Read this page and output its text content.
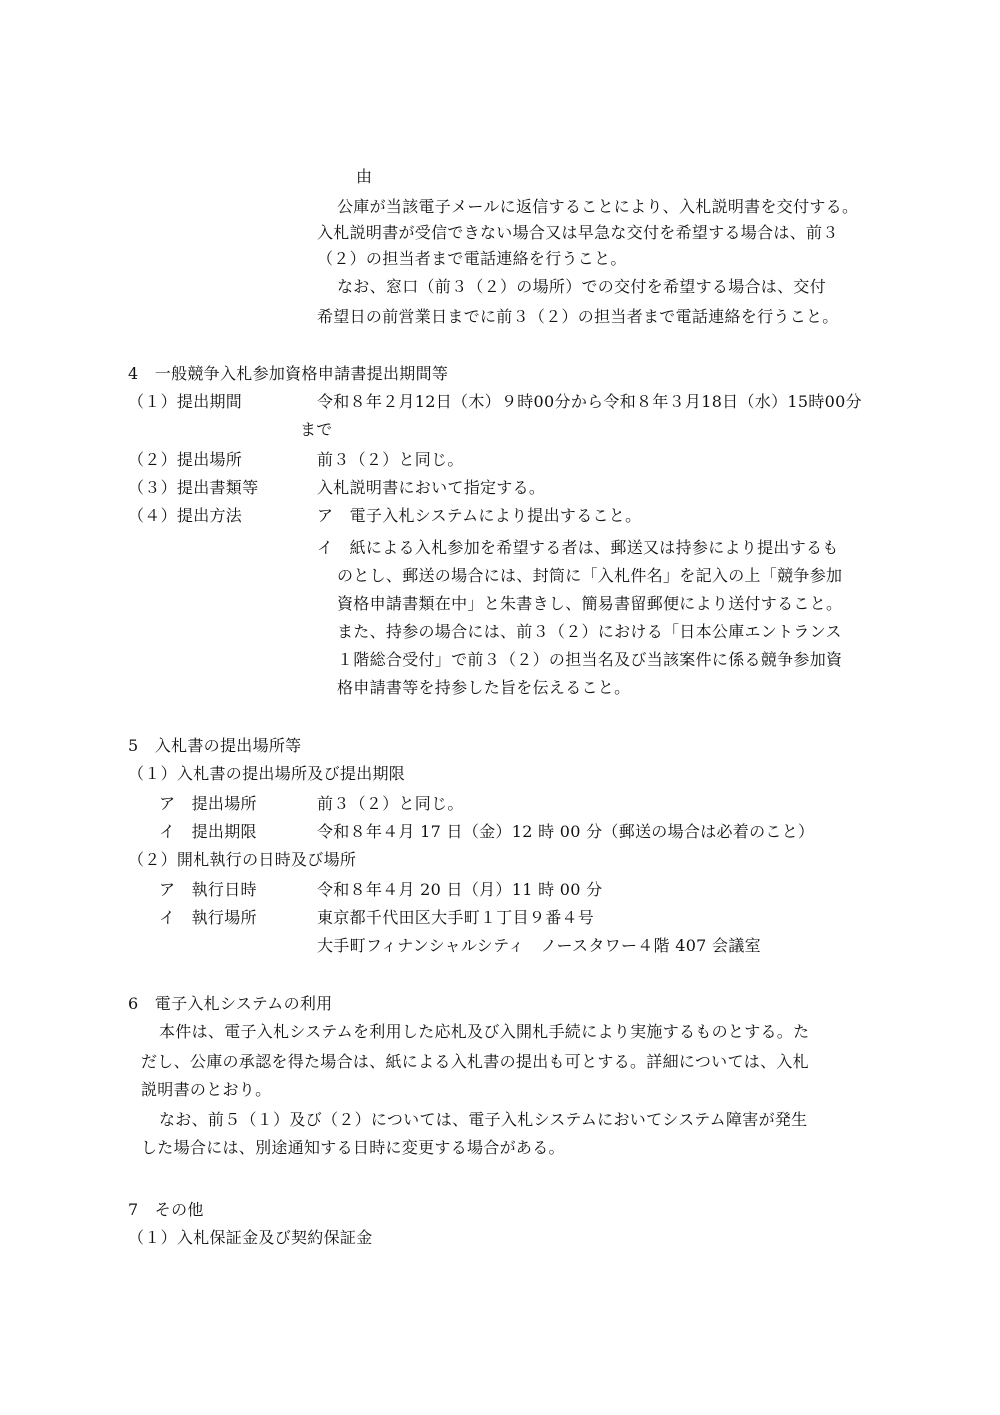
由
公庫が当該電子メールに返信することにより、入札説明書を交付する。
入札説明書が受信できない場合又は早急な交付を希望する場合は、前３
（２）の担当者まで電話連絡を行うこと。
なお、窓口（前３（２）の場所）での交付を希望する場合は、交付
希望日の前営業日までに前３（２）の担当者まで電話連絡を行うこと。
4　一般競争入札参加資格申請書提出期間等
（１）提出期間	令和８年２月12日（木）９時00分から令和８年３月18日（水）15時00分
まで
（２）提出場所	前３（２）と同じ。
（３）提出書類等	入札説明書において指定する。
（４）提出方法	ア　電子入札システムにより提出すること。
イ　紙による入札参加を希望する者は、郵送又は持参により提出するも
のとし、郵送の場合には、封筒に「入札件名」を記入の上「競争参加
資格申請書類在中」と朱書きし、簡易書留郵便により送付すること。
また、持参の場合には、前３（２）における「日本公庫エントランス
１階総合受付」で前３（２）の担当名及び当該案件に係る競争参加資
格申請書等を持参した旨を伝えること。
5　入札書の提出場所等
（１）入札書の提出場所及び提出期限
ア　提出場所	前３（２）と同じ。
イ　提出期限	令和８年４月 17 日（金）12 時 00 分（郵送の場合は必着のこと）
（２）開札執行の日時及び場所
ア　執行日時	令和８年４月 20 日（月）11 時 00 分
イ　執行場所	東京都千代田区大手町１丁目９番４号
大手町フィナンシャルシティ　ノースタワー４階 407 会議室
6　電子入札システムの利用
本件は、電子入札システムを利用した応札及び入開札手続により実施するものとする。た
だし、公庫の承認を得た場合は、紙による入札書の提出も可とする。詳細については、入札
説明書のとおり。
なお、前５（１）及び（２）については、電子入札システムにおいてシステム障害が発生
した場合には、別途通知する日時に変更する場合がある。
7　その他
（１）入札保証金及び契約保証金
